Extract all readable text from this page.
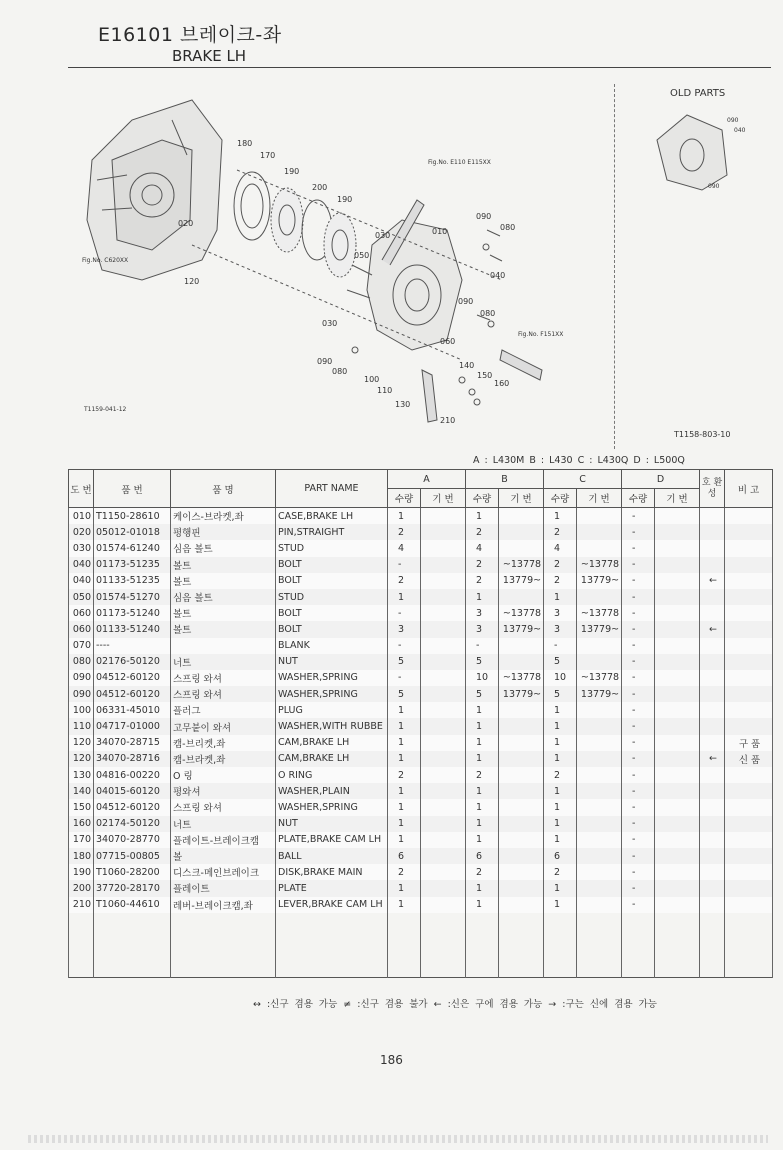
E16101 브레이크-좌
BRAKE LH
180
170
190
200
190
020
120
030
050
010
090
080
040
090
080
060
030
090
080
100
110
130
140
150
160
210
Fig.No. E110 E115XX
Fig.No. C620XX
Fig.No. F151XX
090
040
090
OLD PARTS
T1159-041-12
T1158-803-10
A : L430M B : L430 C : L430Q D : L500Q
도 번	품 번	품 명	PART NAME	A		B		C		D		호 환 성	비 고
				수량	기 번	수량	기 번	수량	기 번	수량	기 번		
010	T1150-28610	케이스-브라켓,좌	CASE,BRAKE LH	1		1		1		-			
020	05012-01018	평행핀	PIN,STRAIGHT	2		2		2		-			
030	01574-61240	심음 볼트	STUD	4		4		4		-			
040	01173-51235	볼트	BOLT	-		2	~13778	2	~13778	-			
040	01133-51235	볼트	BOLT	2		2	13779~	2	13779~	-		←	
050	01574-51270	심음 볼트	STUD	1		1		1		-			
060	01173-51240	볼트	BOLT	-		3	~13778	3	~13778	-			
060	01133-51240	볼트	BOLT	3		3	13779~	3	13779~	-		←	
070	----		BLANK	-		-		-		-			
080	02176-50120	너트	NUT	5		5		5		-			
090	04512-60120	스프링 와셔	WASHER,SPRING	-		10	~13778	10	~13778	-			
090	04512-60120	스프링 와셔	WASHER,SPRING	5		5	13779~	5	13779~	-			
100	06331-45010	플러그	PLUG	1		1		1		-			
110	04717-01000	고무붙이 와셔	WASHER,WITH RUBBE	1		1		1		-			
120	34070-28715	캠-브리켓,좌	CAM,BRAKE LH	1		1		1		-			구 품
120	34070-28716	캠-브라켓,좌	CAM,BRAKE LH	1		1		1		-		←	신 품
130	04816-00220	O 링	O RING	2		2		2		-			
140	04015-60120	평와셔	WASHER,PLAIN	1		1		1		-			
150	04512-60120	스프링 와셔	WASHER,SPRING	1		1		1		-			
160	02174-50120	너트	NUT	1		1		1		-			
170	34070-28770	플레이트-브레이크캠	PLATE,BRAKE CAM LH	1		1		1		-			
180	07715-00805	볼	BALL	6		6		6		-			
190	T1060-28200	디스크-메인브레이크	DISK,BRAKE MAIN	2		2		2		-			
200	37720-28170	플레이트	PLATE	1		1		1		-			
210	T1060-44610	레버-브레이크캠,좌	LEVER,BRAKE CAM LH	1		1		1		-			

↔ :신구 겸용 가능 ≠ :신구 겸용 불가 ← :신은 구에 겸용 가능 → :구는 신에 겸용 가능
186
